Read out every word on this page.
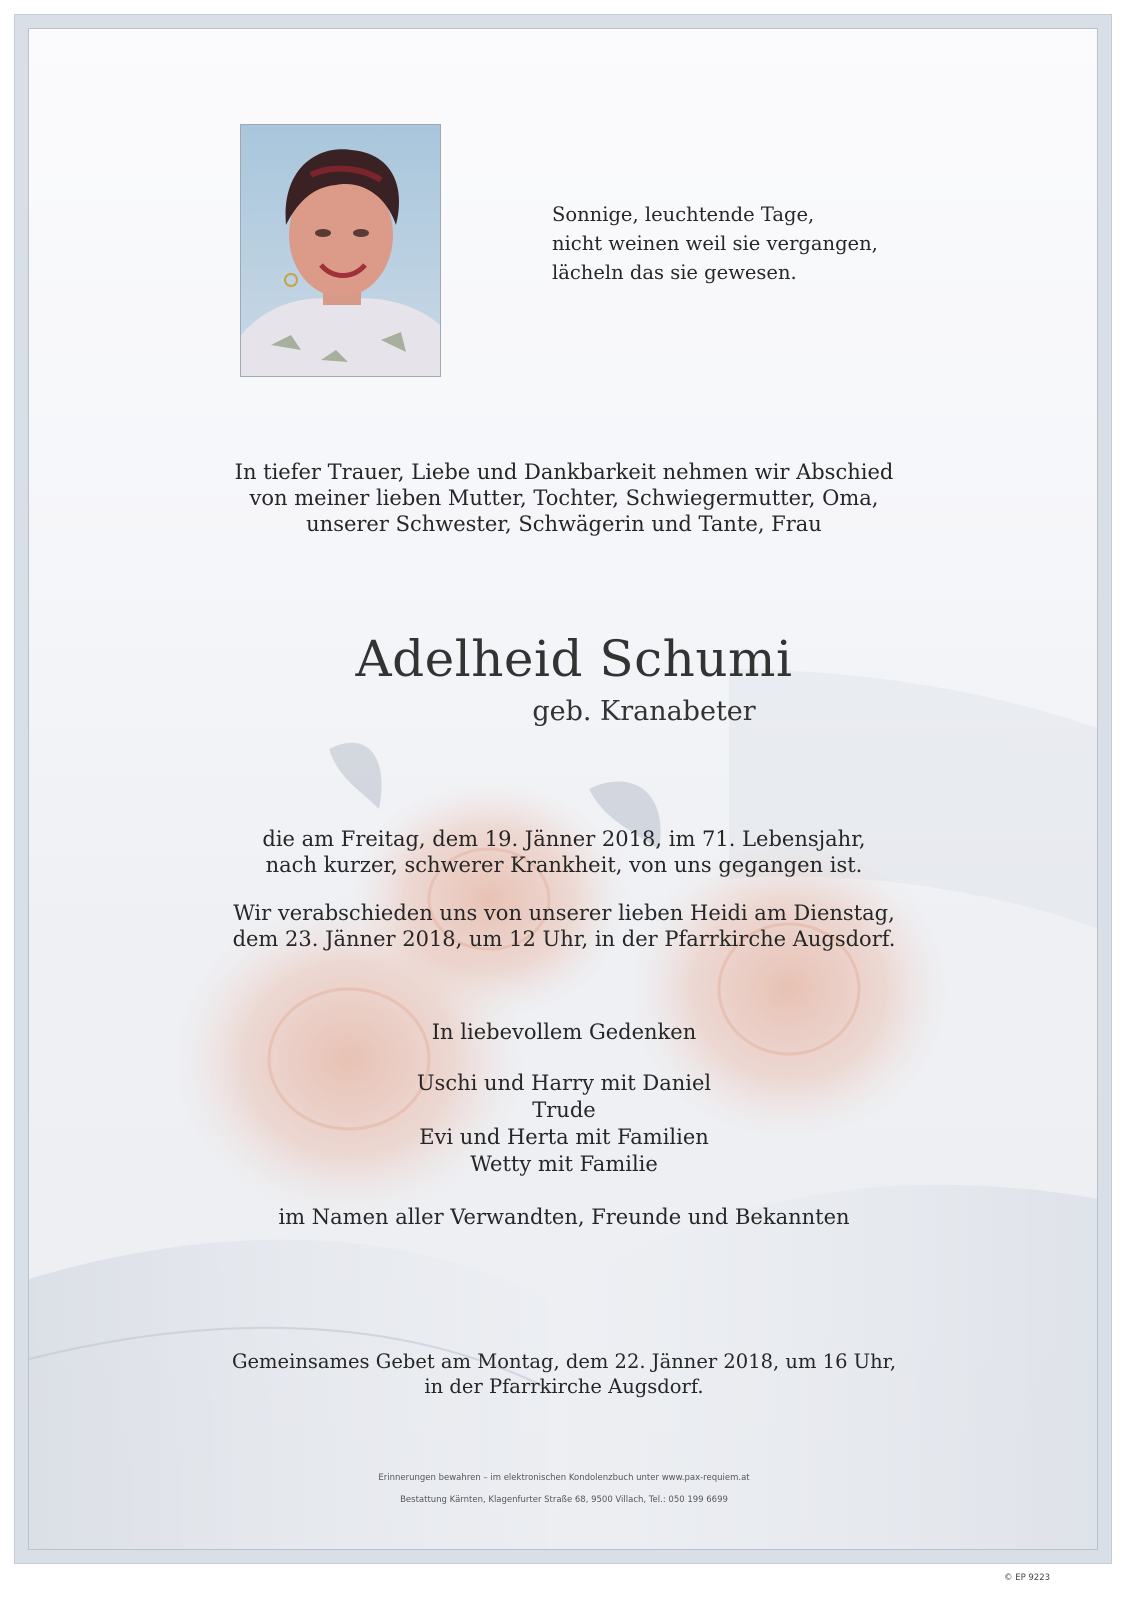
Sonnige, leuchtende Tage,
nicht weinen weil sie vergangen,
lächeln das sie gewesen.
In tiefer Trauer, Liebe und Dankbarkeit nehmen wir Abschied
von meiner lieben Mutter, Tochter, Schwiegermutter, Oma,
unserer Schwester, Schwägerin und Tante, Frau
Adelheid Schumi
geb. Kranabeter
die am Freitag, dem 19. Jänner 2018, im 71. Lebensjahr,
nach kurzer, schwerer Krankheit, von uns gegangen ist.
Wir verabschieden uns von unserer lieben Heidi am Dienstag,
dem 23. Jänner 2018, um 12 Uhr, in der Pfarrkirche Augsdorf.
In liebevollem Gedenken
Uschi und Harry mit Daniel
Trude
Evi und Herta mit Familien
Wetty mit Familie
im Namen aller Verwandten, Freunde und Bekannten
Gemeinsames Gebet am Montag, dem 22. Jänner 2018, um 16 Uhr,
in der Pfarrkirche Augsdorf.
Erinnerungen bewahren – im elektronischen Kondolenzbuch unter www.pax-requiem.at
Bestattung Kärnten, Klagenfurter Straße 68, 9500 Villach, Tel.: 050 199 6699
© EP 9223
